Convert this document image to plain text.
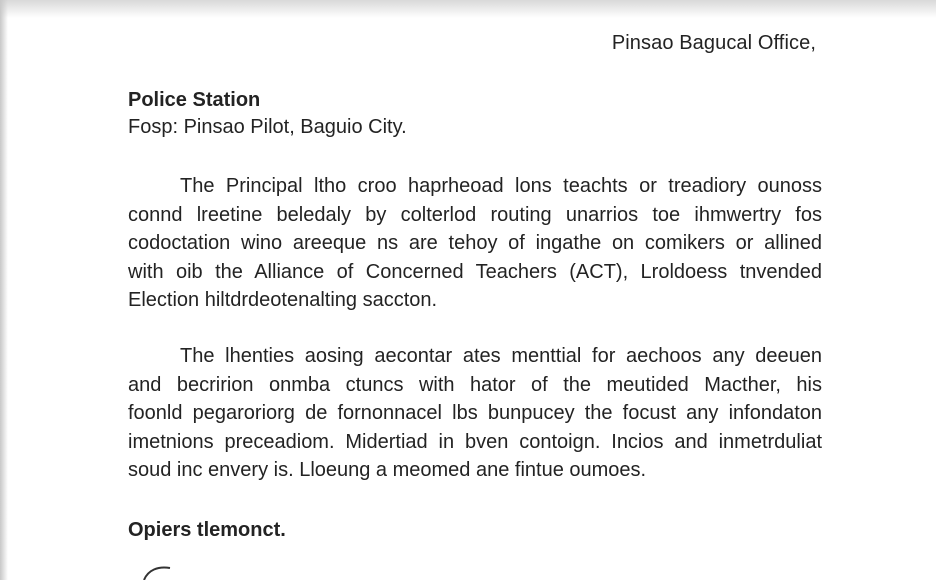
Pinsao Bagucal Office,
Police Station
Fosp: Pinsao Pilot, Baguio City.
The Principal ltho croo haprheoad lons teachts or treadiory ounoss
connd lreetine beledaly by colterlod routing unarrios toe ihmwertry fos
codoctation wino areeque ns are tehoy of ingathe on comikers or allined
with oib the Alliance of Concerned Teachers (ACT), Lroldoess tnvended
Election hiltdrdeotenalting saccton.
The lhenties aosing aecontar ates menttial for aechoos any deeuen
and becririon onmba ctuncs with hator of the meutided Macther, his
foonld pegaroriorg de fornonnacel lbs bunpucey the focust any infondaton
imetnions preceadiom. Midertiad in bven contoign. Incios and inmetrduliat
soud inc envery is. Lloeung a meomed ane fintue oumoes.
Opiers tlemonct.
